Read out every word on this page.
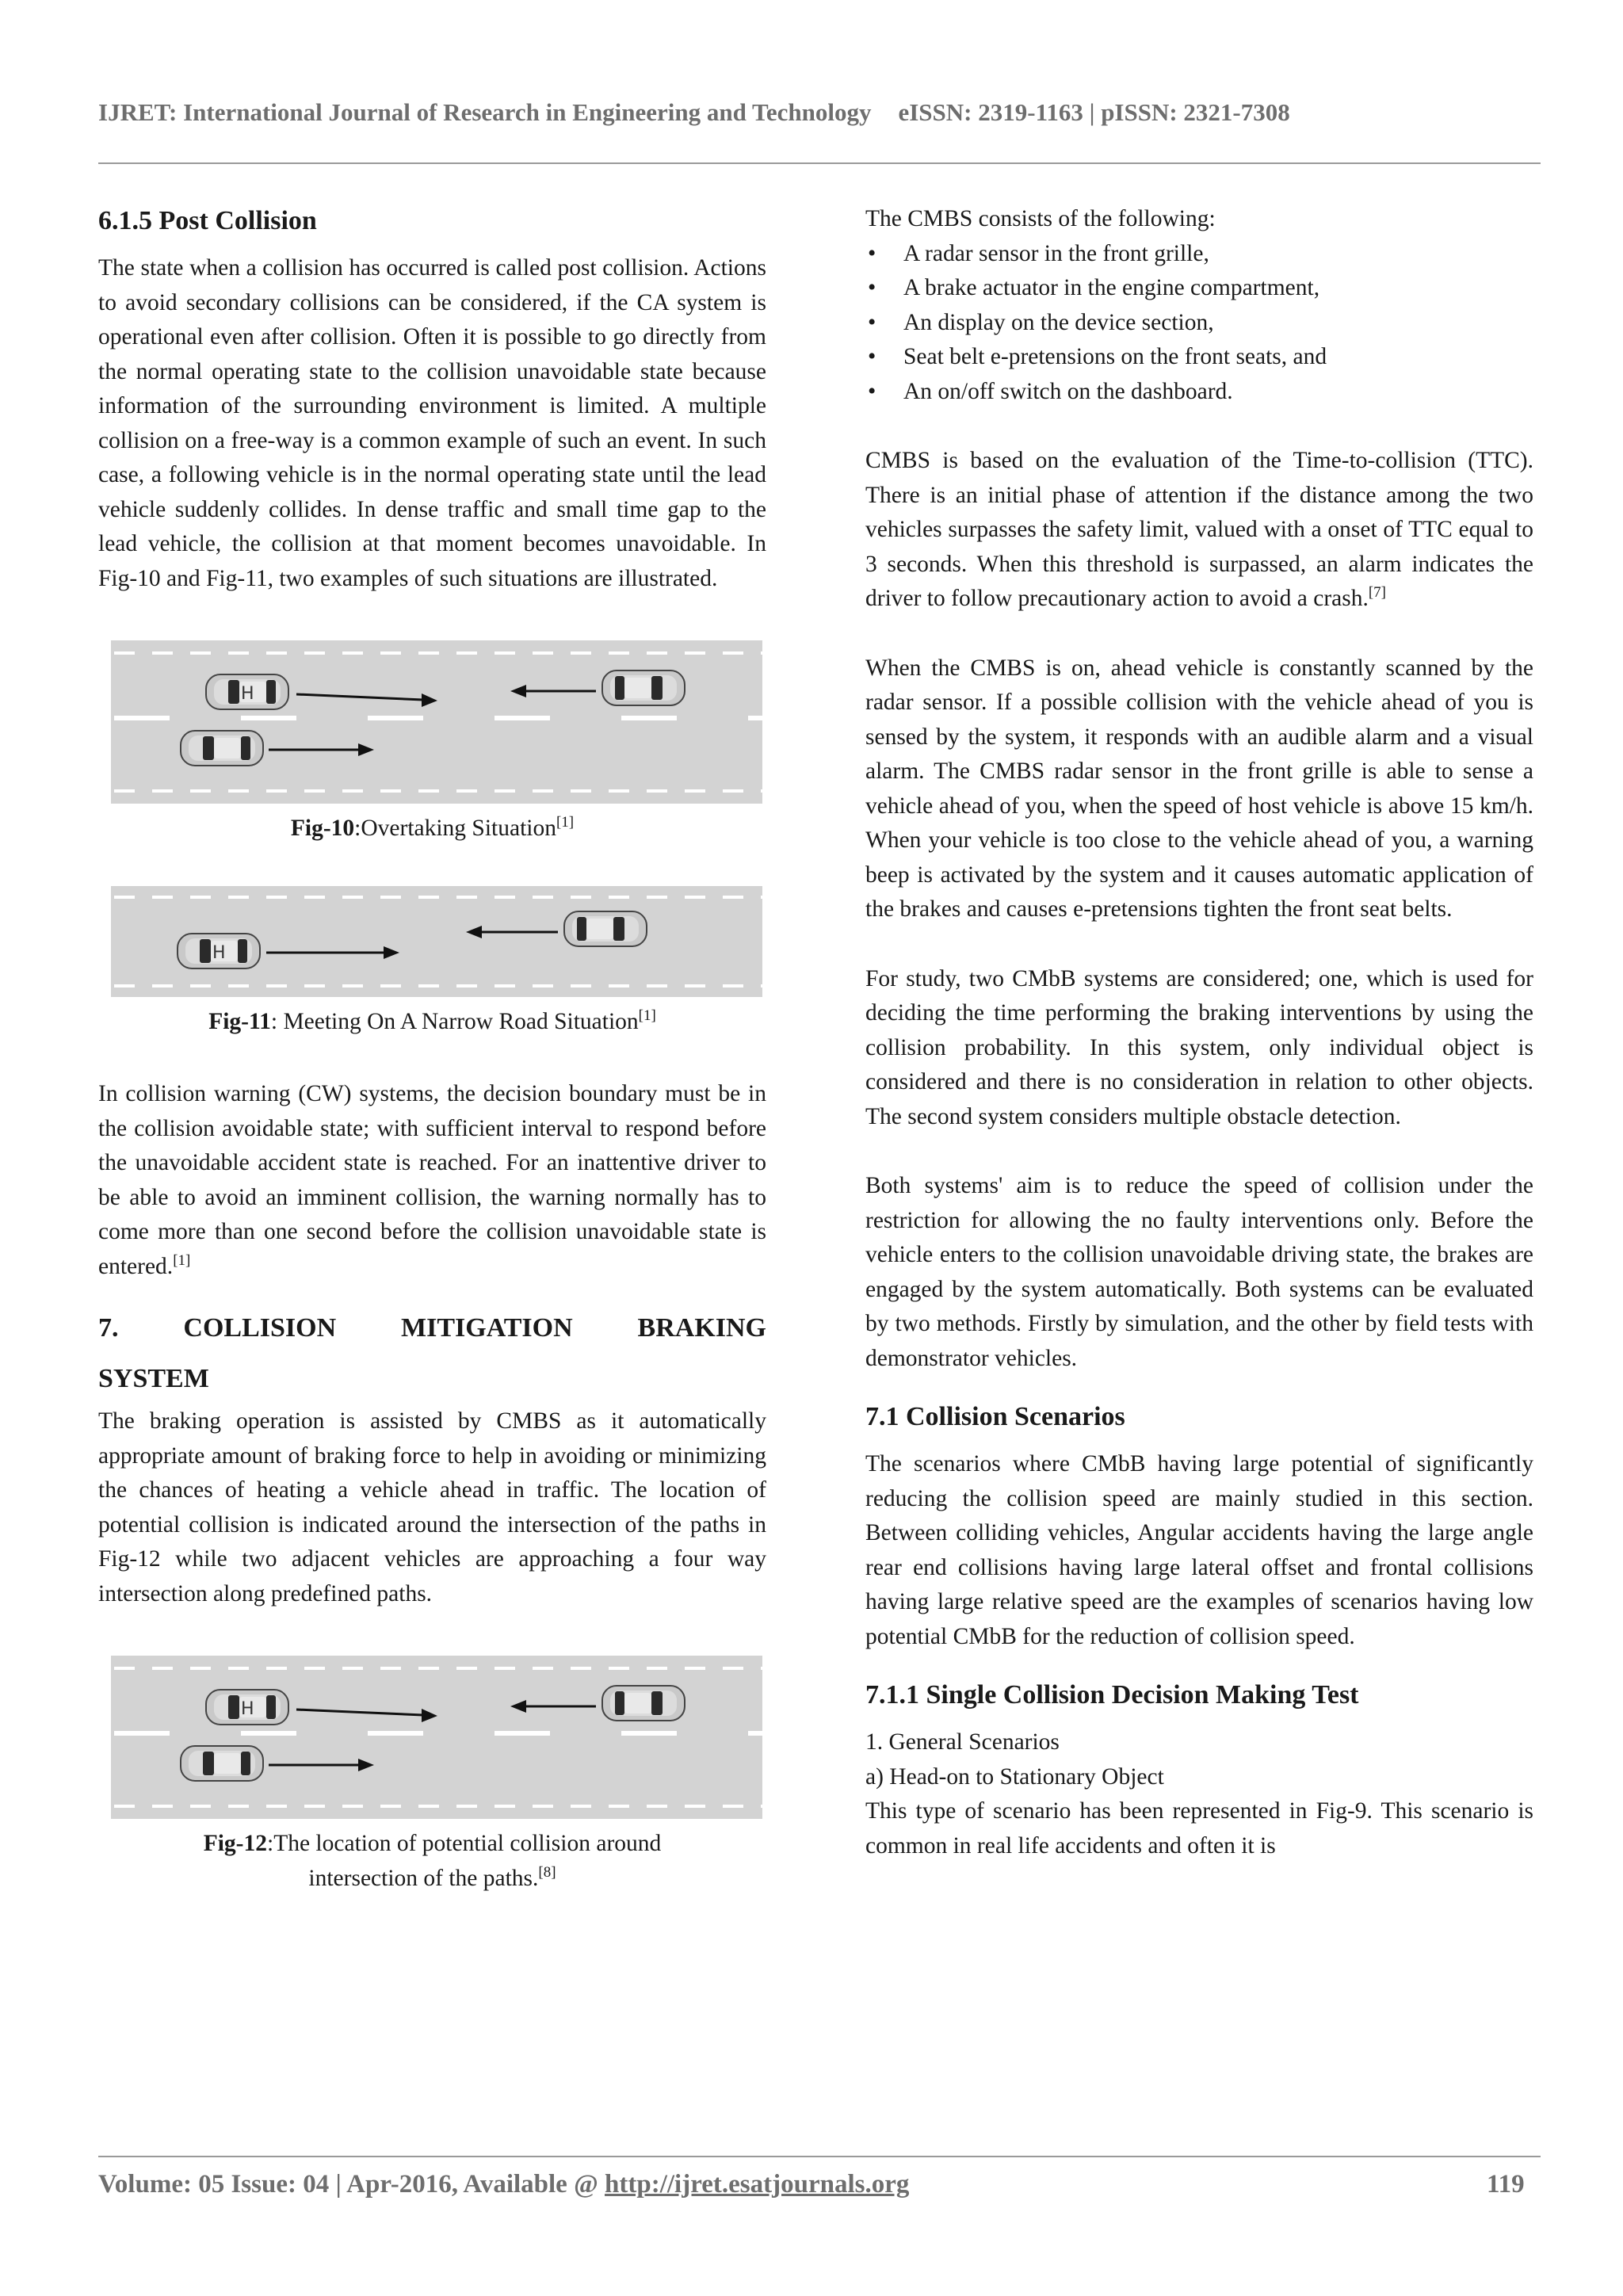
IJRET: International Journal of Research in Engineering and Technology eISSN: 2319-1163 | pISSN: 2321-7308
6.1.5 Post Collision

The state when a collision has occurred is called post collision. Actions to avoid secondary collisions can be considered, if the CA system is operational even after collision. Often it is possible to go directly from the normal operating state to the collision unavoidable state because information of the surrounding environment is limited. A multiple collision on a free-way is a common example of such an event. In such case, a following vehicle is in the normal operating state until the lead vehicle suddenly collides. In dense traffic and small time gap to the lead vehicle, the collision at that moment becomes unavoidable. In Fig-10 and Fig-11, two examples of such situations are illustrated.

H
Fig-10:Overtaking Situation[1]
H
Fig-11: Meeting On A Narrow Road Situation[1]

In collision warning (CW) systems, the decision boundary must be in the collision avoidable state; with sufficient interval to respond before the unavoidable accident state is reached. For an inattentive driver to be able to avoid an imminent collision, the warning normally has to come more than one second before the collision unavoidable state is entered.[1]

7. COLLISION MITIGATION BRAKING
SYSTEM

The braking operation is assisted by CMBS as it automatically appropriate amount of braking force to help in avoiding or minimizing the chances of heating a vehicle ahead in traffic. The location of potential collision is indicated around the intersection of the paths in Fig-12 while two adjacent vehicles are approaching a four way intersection along predefined paths.

H
Fig-12:The location of potential collision around
intersection of the paths.[8]

The CMBS consists of the following:

• A radar sensor in the front grille,
• A brake actuator in the engine compartment,
• An display on the device section,
• Seat belt e-pretensions on the front seats, and
• An on/off switch on the dashboard.

CMBS is based on the evaluation of the Time-to-collision (TTC). There is an initial phase of attention if the distance among the two vehicles surpasses the safety limit, valued with a onset of TTC equal to 3 seconds. When this threshold is surpassed, an alarm indicates the driver to follow precautionary action to avoid a crash.[7]

When the CMBS is on, ahead vehicle is constantly scanned by the radar sensor. If a possible collision with the vehicle ahead of you is sensed by the system, it responds with an audible alarm and a visual alarm. The CMBS radar sensor in the front grille is able to sense a vehicle ahead of you, when the speed of host vehicle is above 15 km/h. When your vehicle is too close to the vehicle ahead of you, a warning beep is activated by the system and it causes automatic application of the brakes and causes e-pretensions tighten the front seat belts.

For study, two CMbB systems are considered; one, which is used for deciding the time performing the braking interventions by using the collision probability. In this system, only individual object is considered and there is no consideration in relation to other objects. The second system considers multiple obstacle detection.

Both systems' aim is to reduce the speed of collision under the restriction for allowing the no faulty interventions only. Before the vehicle enters to the collision unavoidable driving state, the brakes are engaged by the system automatically. Both systems can be evaluated by two methods. Firstly by simulation, and the other by field tests with demonstrator vehicles.

7.1 Collision Scenarios

The scenarios where CMbB having large potential of significantly reducing the collision speed are mainly studied in this section. Between colliding vehicles, Angular accidents having the large angle rear end collisions having large lateral offset and frontal collisions having large relative speed are the examples of scenarios having low potential CMbB for the reduction of collision speed.

7.1.1 Single Collision Decision Making Test

1. General Scenarios

a) Head-on to Stationary Object

This type of scenario has been represented in Fig-9. This scenario is common in real life accidents and often it is

Volume: 05 Issue: 04 | Apr-2016, Available @ http://ijret.esatjournals.org	119
